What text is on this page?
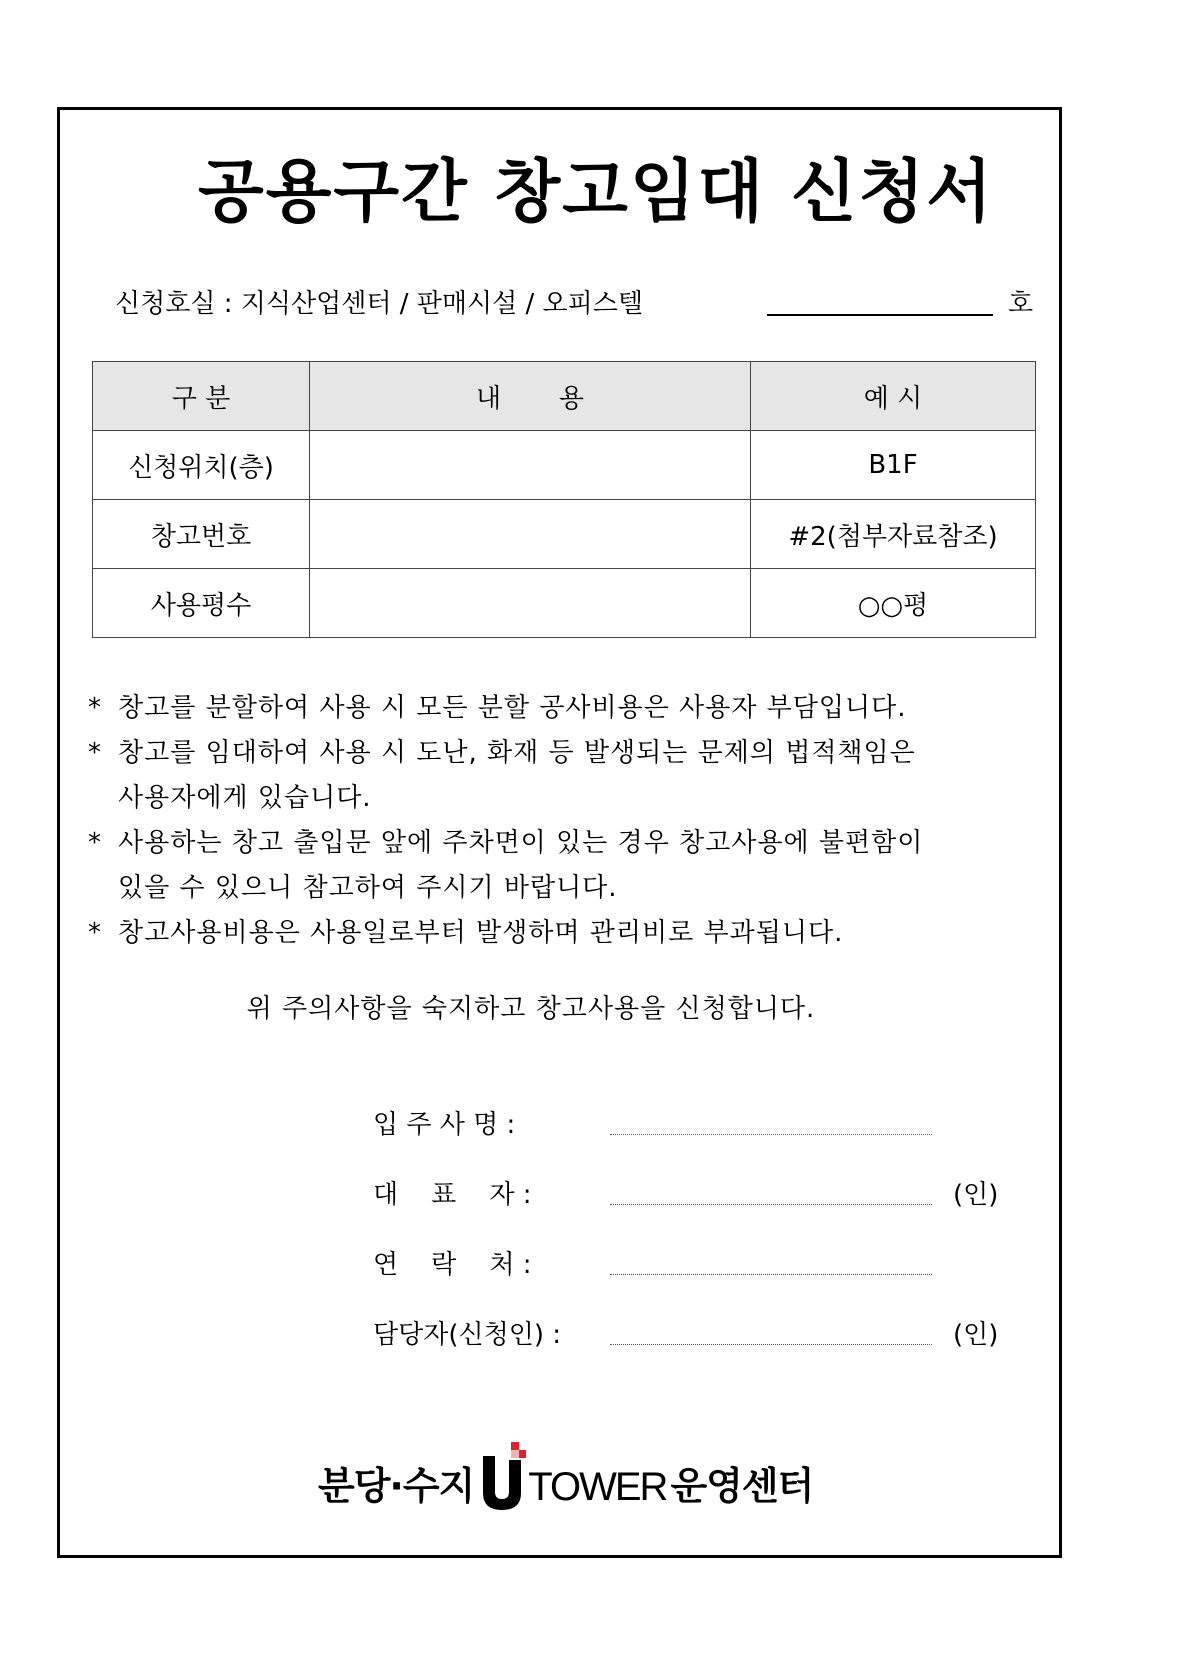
공용구간 창고임대 신청서
신청호실 : 지식산업센터 / 판매시설 / 오피스텔	호
구 분	내       용	예 시
신청위치(층)		B1F
창고번호		#2(첨부자료참조)
사용평수		○○평
* 창고를 분할하여 사용 시 모든 분할 공사비용은 사용자 부담입니다.
* 창고를 임대하여 사용 시 도난, 화재 등 발생되는 문제의 법적책임은
사용자에게 있습니다.
* 사용하는 창고 출입문 앞에 주차면이 있는 경우 창고사용에 불편함이
있을 수 있으니 참고하여 주시기 바랍니다.
* 창고사용비용은 사용일로부터 발생하며 관리비로 부과됩니다.
위 주의사항을 숙지하고 창고사용을 신청합니다.
입 주 사 명 :
대    표    자 :	(인)
연    락    처 :
담당자(신청인) :	(인)
분당·수지 TOWER 운영센터
